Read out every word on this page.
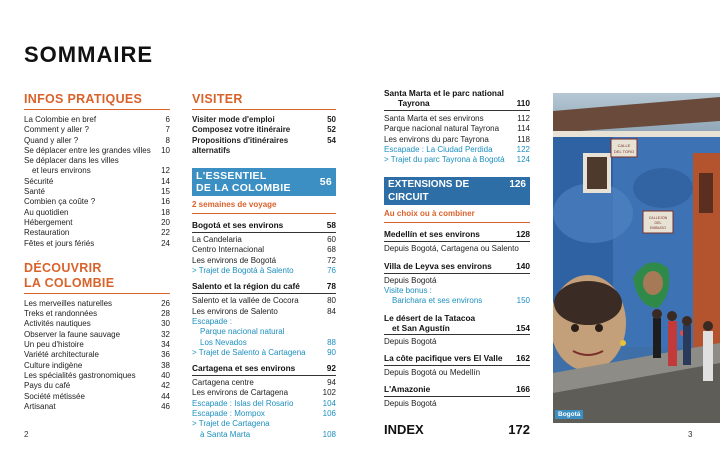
SOMMAIRE
INFOS PRATIQUES
La Colombie en bref	6
Comment y aller ?	7
Quand y aller ?	8
Se déplacer entre les grandes villes	10
Se déplacer dans les villes
et leurs environs	12
Sécurité	14
Santé	15
Combien ça coûte ?	16
Au quotidien	18
Hébergement	20
Restauration	22
Fêtes et jours fériés	24
DÉCOUVRIR
LA COLOMBIE
Les merveilles naturelles	26
Treks et randonnées	28
Activités nautiques	30
Observer la faune sauvage	32
Un peu d'histoire	34
Variété architecturale	36
Culture indigène	38
Les spécialités gastronomiques	40
Pays du café	42
Société métissée	44
Artisanat	46
VISITER
Visiter mode d'emploi	50
Composez votre itinéraire	52
Propositions d'itinéraires alternatifs
54
L'ESSENTIEL
DE LA COLOMBIE	56
2 semaines de voyage
Bogotá et ses environs	58
La Candelaria	60
Centro Internacional	68
Les environs de Bogotá	72
> Trajet de Bogotá à Salento	76
Salento et la région du café	78
Salento et la vallée de Cocora	80
Les environs de Salento	84
Escapade :
Parque nacional natural
Los Nevados	88
> Trajet de Salento à Cartagena	90
Cartagena et ses environs	92
Cartagena centre	94
Les environs de Cartagena	102
Escapade : Islas del Rosario	104
Escapade : Mompox	106
> Trajet de Cartagena
à Santa Marta	108
Santa Marta et le parc national
Tayrona	110
Santa Marta et ses environs	112
Parque nacional natural Tayrona 114
Les environs du parc Tayrona	118
Escapade : La Ciudad Perdida	122
> Trajet du parc Tayrona à Bogotá 124
EXTENSIONS DE CIRCUIT
126
Au choix ou à combiner
Medellín et ses environs	128
Depuis Bogotá, Cartagena ou Salento
Villa de Leyva ses environs	140
Depuis Bogotá
Visite bonus :
Barichara et ses environs	150
Le désert de la Tatacoa
et San Agustín	154
Depuis Bogotá
La côte pacifique vers El Valle 162
Depuis Bogotá ou Medellín
L'Amazonie	166
Depuis Bogotá
INDEX	172
CALLE
DEL TORO
CALLEJON
DEL
EMBUDO
Bogotá
2	3
